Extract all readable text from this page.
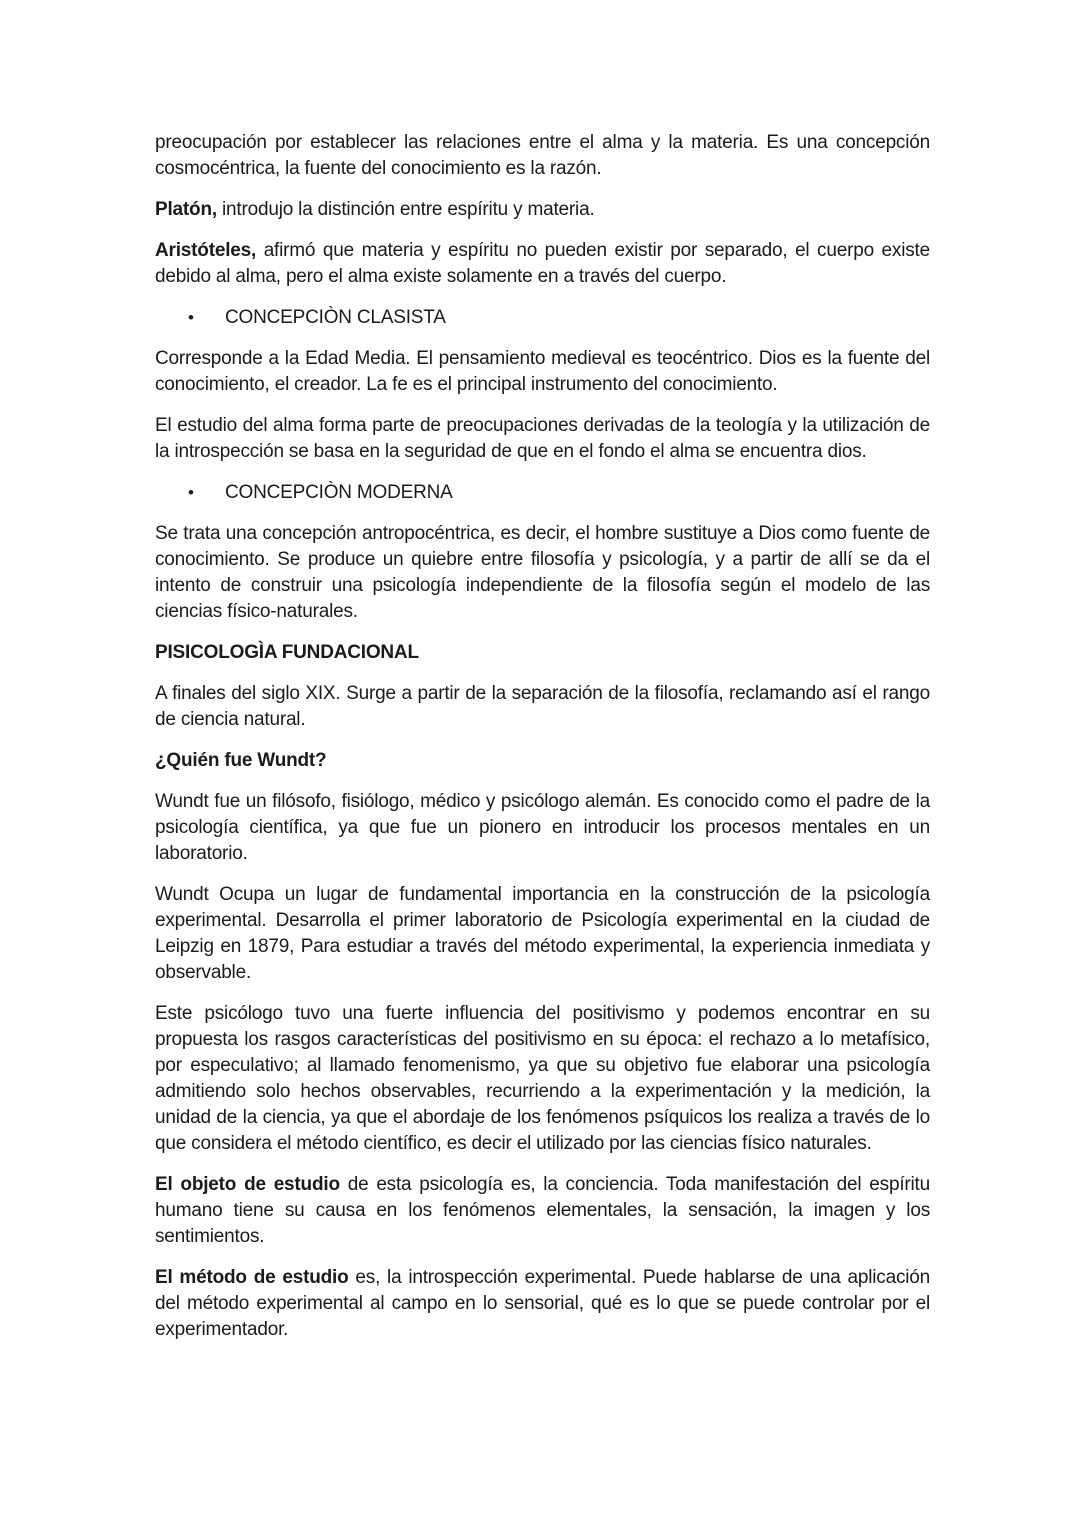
preocupación por establecer las relaciones entre el alma y la materia. Es una concepción cosmocéntrica, la fuente del conocimiento es la razón.

Platón, introdujo la distinción entre espíritu y materia.

Aristóteles, afirmó que materia y espíritu no pueden existir por separado, el cuerpo existe debido al alma, pero el alma existe solamente en a través del cuerpo.

•	CONCEPCIÒN CLASISTA

Corresponde a la Edad Media. El pensamiento medieval es teocéntrico. Dios es la fuente del conocimiento, el creador. La fe es el principal instrumento del conocimiento.

El estudio del alma forma parte de preocupaciones derivadas de la teología y la utilización de la introspección se basa en la seguridad de que en el fondo el alma se encuentra dios.

•	CONCEPCIÒN MODERNA

Se trata una concepción antropocéntrica, es decir, el hombre sustituye a Dios como fuente de conocimiento. Se produce un quiebre entre filosofía y psicología, y a partir de allí se da el intento de construir una psicología independiente de la filosofía según el modelo de las ciencias físico-naturales.

PISICOLOGÌA FUNDACIONAL

A finales del siglo XIX. Surge a partir de la separación de la filosofía, reclamando así el rango de ciencia natural.

¿Quién fue Wundt?

Wundt fue un filósofo, fisiólogo, médico y psicólogo alemán. Es conocido como el padre de la psicología científica, ya que fue un pionero en introducir los procesos mentales en un laboratorio.

Wundt Ocupa un lugar de fundamental importancia en la construcción de la psicología experimental. Desarrolla el primer laboratorio de Psicología experimental en la ciudad de Leipzig en 1879, Para estudiar a través del método experimental, la experiencia inmediata y observable.

Este psicólogo tuvo una fuerte influencia del positivismo y podemos encontrar en su propuesta los rasgos características del positivismo en su época: el rechazo a lo metafísico, por especulativo; al llamado fenomenismo, ya que su objetivo fue elaborar una psicología admitiendo solo hechos observables, recurriendo a la experimentación y la medición, la unidad de la ciencia, ya que el abordaje de los fenómenos psíquicos los realiza a través de lo que considera el método científico, es decir el utilizado por las ciencias físico naturales.

El objeto de estudio de esta psicología es, la conciencia. Toda manifestación del espíritu humano tiene su causa en los fenómenos elementales, la sensación, la imagen y los sentimientos.

El método de estudio es, la introspección experimental. Puede hablarse de una aplicación del método experimental al campo en lo sensorial, qué es lo que se puede controlar por el experimentador.
